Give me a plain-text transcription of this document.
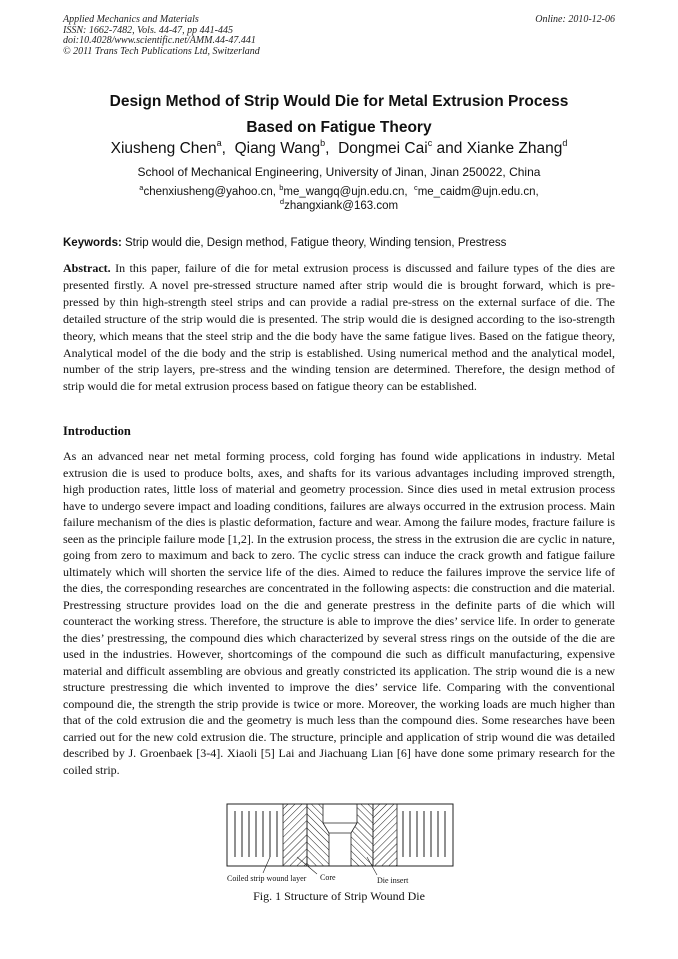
Applied Mechanics and Materials
ISSN: 1662-7482, Vols. 44-47, pp 441-445
doi:10.4028/www.scientific.net/AMM.44-47.441
© 2011 Trans Tech Publications Ltd, Switzerland
Online: 2010-12-06
Design Method of Strip Would Die for Metal Extrusion Process
Based on Fatigue Theory
Xiusheng Chen$^a$,  Qiang Wang$^b$,  Dongmei Cai$^c$ and Xianke Zhang$^d$
School of Mechanical Engineering, University of Jinan, Jinan 250022, China
$^a$chenxiusheng@yahoo.cn, $^b$me_wangq@ujn.edu.cn,  $^c$me_caidm@ujn.edu.cn,
$^d$zhangxiank@163.com
Keywords: Strip would die, Design method, Fatigue theory, Winding tension, Prestress
Abstract. In this paper, failure of die for metal extrusion process is discussed and failure types of the dies are presented firstly. A novel pre-stressed structure named after strip would die is brought forward, which is pre-pressed by thin high-strength steel strips and can provide a radial pre-stress on the external surface of die. The detailed structure of the strip would die is presented. The strip would die is designed according to the iso-strength theory, which means that the steel strip and the die body have the same fatigue lives. Based on the fatigue theory, Analytical model of the die body and the strip is established. Using numerical method and the analytical model, number of the strip layers, pre-stress and the winding tension are determined. Therefore, the design method of strip would die for metal extrusion process based on fatigue theory can be established.
Introduction
As an advanced near net metal forming process, cold forging has found wide applications in industry. Metal extrusion die is used to produce bolts, axes, and shafts for its various advantages including improved strength, high production rates, little loss of material and geometry procession. Since dies used in metal extrusion process have to undergo severe impact and loading conditions, failures are always occurred in the extrusion process. Main failure mechanism of the dies is plastic deformation, facture and wear. Among the failure modes, fracture failure is seen as the principle failure mode [1,2]. In the extrusion process, the stress in the extrusion die are cyclic in nature, going from zero to maximum and back to zero. The cyclic stress can induce the crack growth and fatigue failure ultimately which will shorten the service life of the dies. Aimed to reduce the failures improve the service life of the dies, the corresponding researches are concentrated in the following aspects: die construction and die material. Prestressing structure provides load on the die and generate prestress in the definite parts of die which will counteract the working stress. Therefore, the structure is able to improve the dies’ service life. In order to generate the dies’ prestressing, the compound dies which characterized by several stress rings on the outside of the die are used in the industries. However, shortcomings of the compound die such as difficult manufacturing, expensive material and difficult assembling are obvious and greatly constricted its application. The strip wound die is a new structure prestressing die which invented to improve the dies’ service life. Comparing with the conventional compound die, the strength the strip provide is twice or more. Moreover, the working loads are much higher than that of the cold extrusion die and the geometry is much less than the compound dies. Some researches have been carried out for the new cold extrusion die. The structure, principle and application of strip wound die was detailed described by J. Groenbaek [3-4]. Xiaoli [5] Lai and Jiachuang Lian [6] have done some primary research for the coiled strip.
Coiled strip wound layer Core	Die insert
Fig. 1 Structure of Strip Wound Die
